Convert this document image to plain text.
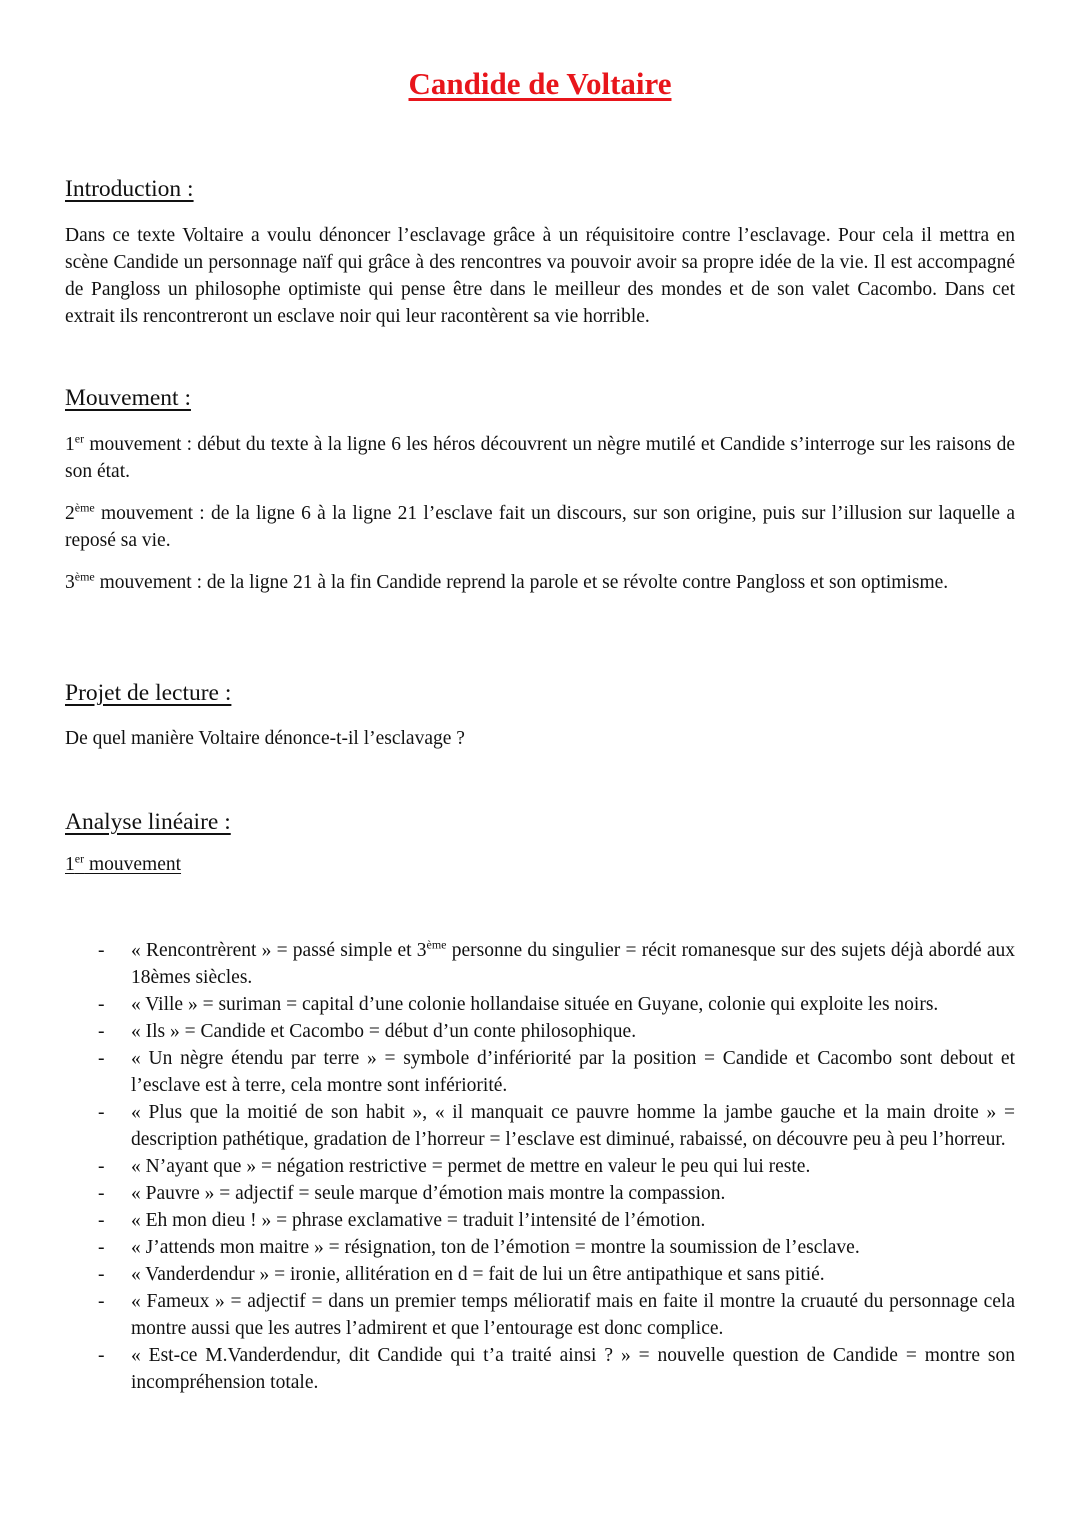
Candide de Voltaire
Introduction :
Dans ce texte Voltaire a voulu dénoncer l’esclavage grâce à un réquisitoire contre l’esclavage. Pour cela il mettra en scène Candide un personnage naïf qui grâce à des rencontres va pouvoir avoir sa propre idée de la vie. Il est accompagné de Pangloss un philosophe optimiste qui pense être dans le meilleur des mondes et de son valet Cacombo. Dans cet extrait ils rencontreront un esclave noir qui leur racontèrent sa vie horrible.
Mouvement :
1er mouvement : début du texte à la ligne 6 les héros découvrent un nègre mutilé et Candide s’interroge sur les raisons de son état.
2ème mouvement : de la ligne 6 à la ligne 21 l’esclave fait un discours, sur son origine, puis sur l’illusion sur laquelle a reposé sa vie.
3ème mouvement : de la ligne 21 à la fin Candide reprend la parole et se révolte contre Pangloss et son optimisme.
Projet de lecture :
De quel manière Voltaire dénonce-t-il l’esclavage ?
Analyse linéaire :
1er mouvement
- « Rencontrèrent » = passé simple et 3ème personne du singulier = récit romanesque sur des sujets déjà abordé aux 18èmes siècles.
- « Ville » = suriman = capital d’une colonie hollandaise située en Guyane, colonie qui exploite les noirs.
- « Ils » = Candide et Cacombo = début d’un conte philosophique.
- « Un nègre étendu par terre » = symbole d’infériorité par la position = Candide et Cacombo sont debout et l’esclave est à terre, cela montre sont infériorité.
- « Plus que la moitié de son habit », « il manquait ce pauvre homme la jambe gauche et la main droite » = description pathétique, gradation de l’horreur = l’esclave est diminué, rabaissé, on découvre peu à peu l’horreur.
- « N’ayant que » = négation restrictive = permet de mettre en valeur le peu qui lui reste.
- « Pauvre » = adjectif = seule marque d’émotion mais montre la compassion.
- « Eh mon dieu ! » = phrase exclamative = traduit l’intensité de l’émotion.
- « J’attends mon maitre » = résignation, ton de l’émotion = montre la soumission de l’esclave.
- « Vanderdendur » = ironie, allitération en d = fait de lui un être antipathique et sans pitié.
- « Fameux » = adjectif = dans un premier temps mélioratif mais en faite il montre la cruauté du personnage cela montre aussi que les autres l’admirent et que l’entourage est donc complice.
- « Est-ce M.Vanderdendur, dit Candide qui t’a traité ainsi ? » = nouvelle question de Candide = montre son incompréhension totale.
